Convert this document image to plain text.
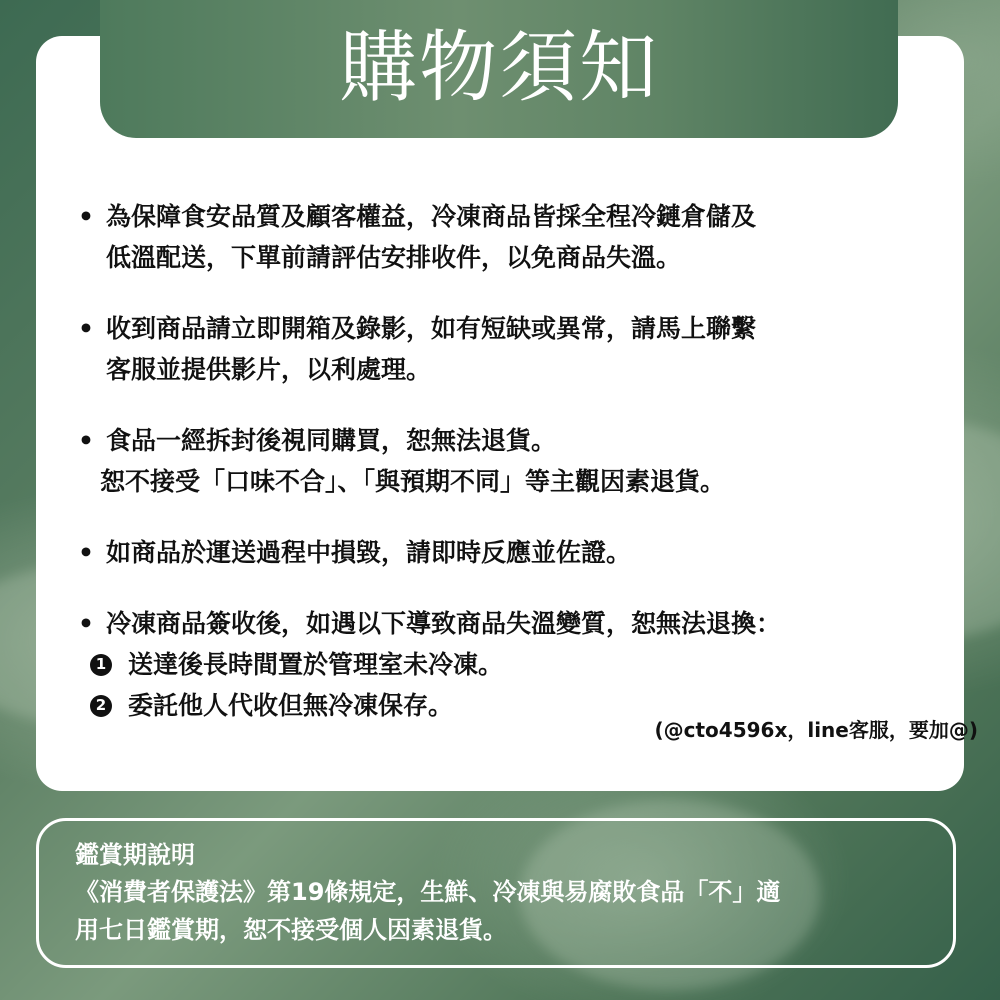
購物須知
• 為保障食安品質及顧客權益，冷凍商品皆採全程冷鏈倉儲及
低溫配送，下單前請評估安排收件，以免商品失溫。
• 收到商品請立即開箱及錄影，如有短缺或異常，請馬上聯繫
客服並提供影片，以利處理。
• 食品一經拆封後視同購買，恕無法退貨。
恕不接受「口味不合」、「與預期不同」等主觀因素退貨。
• 如商品於運送過程中損毀，請即時反應並佐證。
• 冷凍商品簽收後，如遇以下導致商品失溫變質，恕無法退換：
1 送達後長時間置於管理室未冷凍。
2 委託他人代收但無冷凍保存。
(@cto4596x，line客服，要加@)
鑑賞期說明
《消費者保護法》第19條規定，生鮮、冷凍與易腐敗食品「不」適
用七日鑑賞期，恕不接受個人因素退貨。
